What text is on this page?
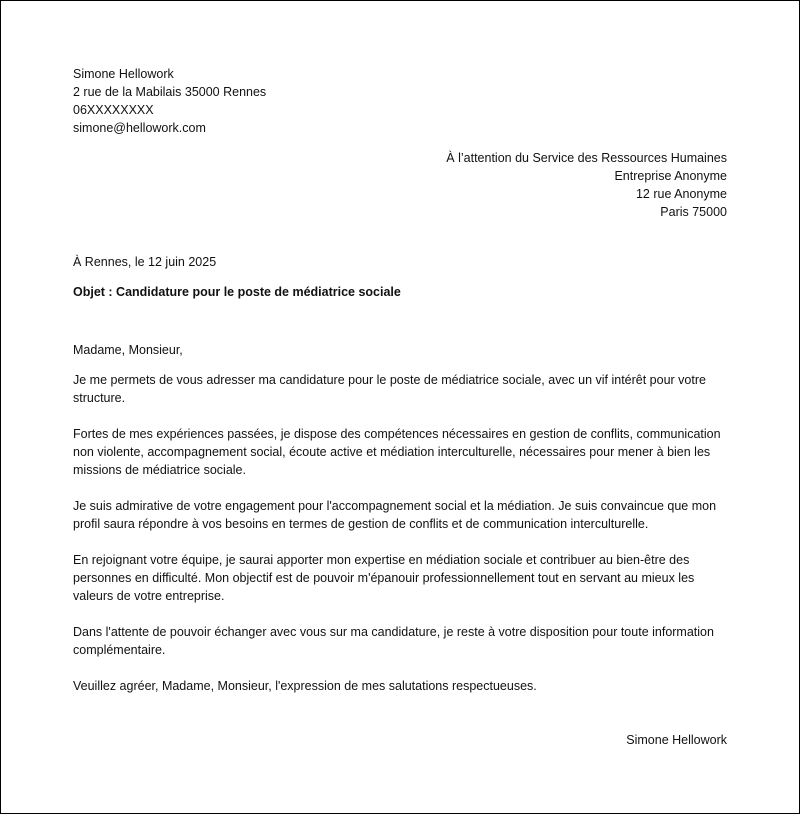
Simone Hellowork
2 rue de la Mabilais 35000 Rennes
06XXXXXXXX
simone@hellowork.com
À l’attention du Service des Ressources Humaines
Entreprise Anonyme
12 rue Anonyme
Paris 75000
À Rennes, le 12 juin 2025
Objet : Candidature pour le poste de médiatrice sociale
Madame, Monsieur,

Je me permets de vous adresser ma candidature pour le poste de médiatrice sociale, avec un vif intérêt pour votre structure.

Fortes de mes expériences passées, je dispose des compétences nécessaires en gestion de conflits, communication non violente, accompagnement social, écoute active et médiation interculturelle, nécessaires pour mener à bien les missions de médiatrice sociale.

Je suis admirative de votre engagement pour l'accompagnement social et la médiation. Je suis convaincue que mon profil saura répondre à vos besoins en termes de gestion de conflits et de communication interculturelle.

En rejoignant votre équipe, je saurai apporter mon expertise en médiation sociale et contribuer au bien-être des personnes en difficulté. Mon objectif est de pouvoir m'épanouir professionnellement tout en servant au mieux les valeurs de votre entreprise.

Dans l'attente de pouvoir échanger avec vous sur ma candidature, je reste à votre disposition pour toute information complémentaire.

Veuillez agréer, Madame, Monsieur, l'expression de mes salutations respectueuses.

Simone Hellowork
